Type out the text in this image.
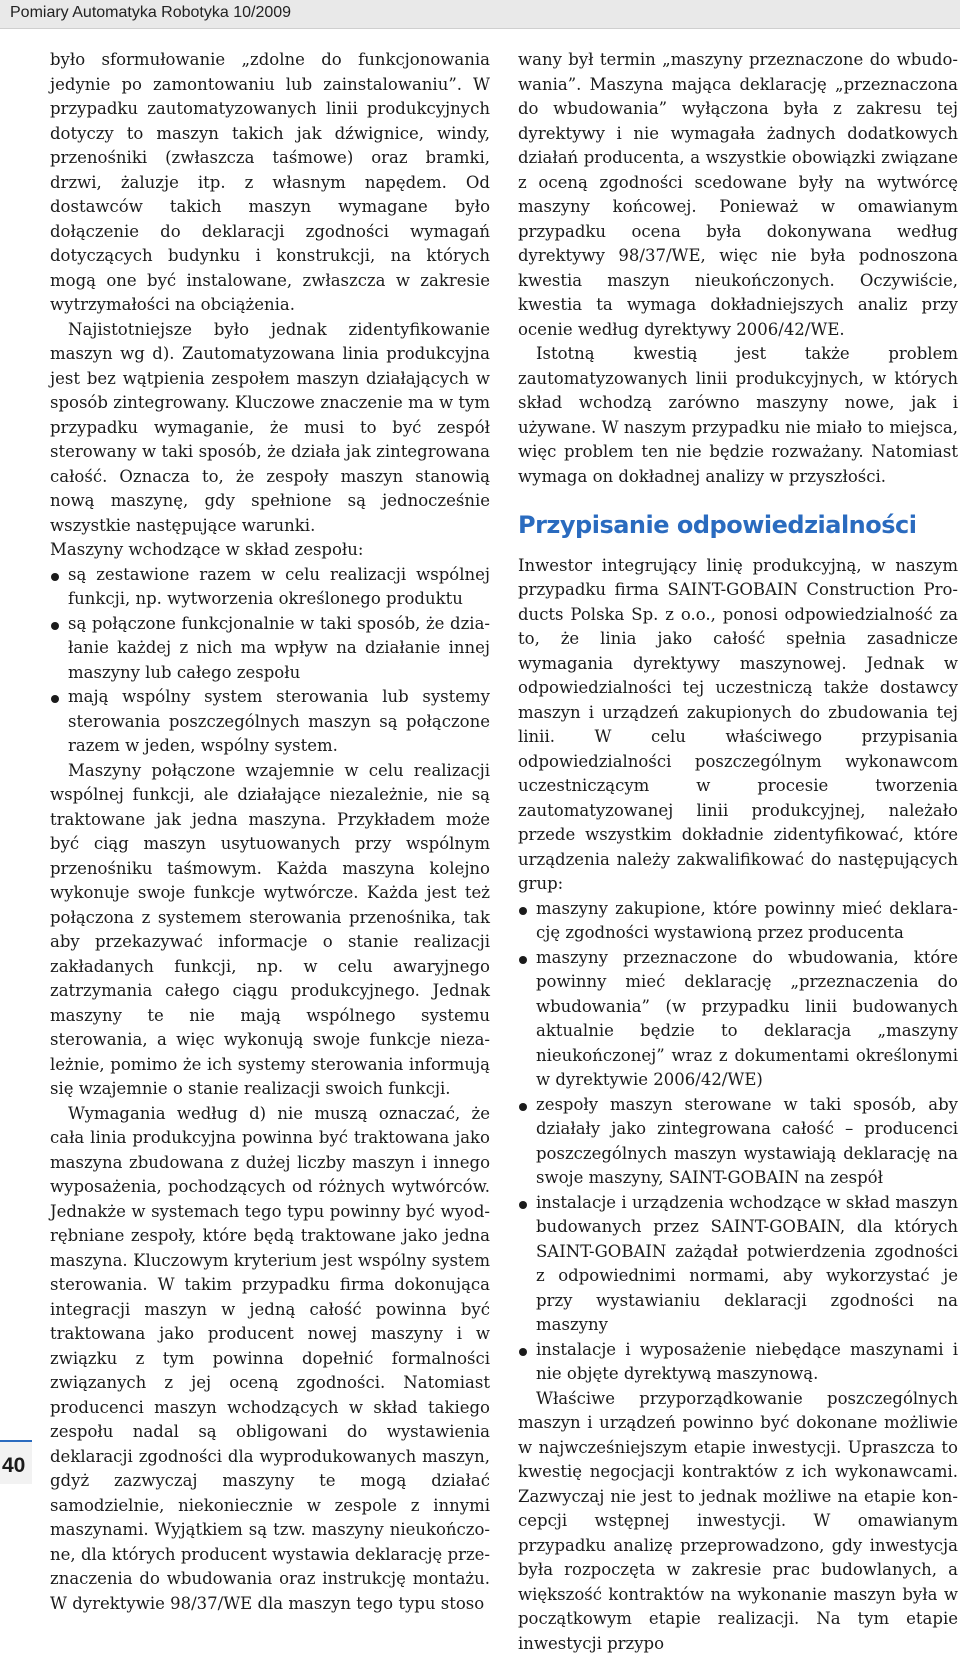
Pomiary Automatyka Robotyka 10/2009

było sformułowanie „zdolne do funkcjonowania jedynie po zamontowaniu lub zainstalowaniu”. W przypadku zautomatyzowanych linii produkcyjnych dotyczy to maszyn takich jak dźwignice, windy, przenośniki (zwłaszcza taśmowe) oraz bramki, drzwi, żaluzje itp. z własnym napędem. Od dostawców takich maszyn wymagane było dołączenie do deklaracji zgodności wymagań dotyczących budynku i konstrukcji, na których mogą one być instalowane, zwłaszcza w zakresie wytrzymałości na obciążenia.

Najistotniejsze było jednak zidentyfikowanie maszyn wg d). Zautomatyzowana linia produkcyjna jest bez wątpienia zespołem maszyn działających w sposób zintegrowany. Kluczowe znaczenie ma w tym przypadku wymaganie, że musi to być zespół sterowany w taki sposób, że działa jak zintegrowana całość. Oznacza to, że zespoły maszyn stanowią nową maszynę, gdy spełnione są jednocześnie wszystkie następujące warunki.

Maszyny wchodzące w skład zespołu:

są zestawione razem w celu realizacji wspólnej funkcji, np. wytworzenia określonego produktu
są połączone funkcjonalnie w taki sposób, że działanie każdej z nich ma wpływ na działanie innej maszyny lub całego zespołu
mają wspólny system sterowania lub systemy sterowania poszczególnych maszyn są połączone razem w jeden, wspólny system.

Maszyny połączone wzajemnie w celu realizacji wspólnej funkcji, ale działające niezależnie, nie są traktowane jak jedna maszyna. Przykładem może być ciąg maszyn usytuowanych przy wspólnym przenośniku taśmowym. Każda maszyna kolejno wykonuje swoje funkcje wytwórcze. Każda jest też połączona z systemem sterowania przenośnika, tak aby przekazywać informacje o stanie realizacji zakładanych funkcji, np. w celu awaryjnego zatrzymania całego ciągu produkcyjnego. Jednak maszyny te nie mają wspólnego systemu sterowania, a więc wykonują swoje funkcje niezależnie, pomimo że ich systemy sterowania informują się wzajemnie o stanie realizacji swoich funkcji.

Wymagania według d) nie muszą oznaczać, że cała linia produkcyjna powinna być traktowana jako maszyna zbudowana z dużej liczby maszyn i innego wyposażenia, pochodzących od różnych wytwórców. Jednakże w systemach tego typu powinny być wyodrębniane zespoły, które będą traktowane jako jedna maszyna. Kluczowym kryterium jest wspólny system sterowania. W takim przypadku firma dokonująca integracji maszyn w jedną całość powinna być traktowana jako producent nowej maszyny i w związku z tym powinna dopełnić formalności związanych z jej oceną zgodności. Natomiast producenci maszyn wchodzących w skład takiego zespołu nadal są obligowani do wystawienia deklaracji zgodności dla wyprodukowanych maszyn, gdyż zazwyczaj maszyny te mogą działać samodzielnie, niekoniecznie w zespole z innymi maszynami. Wyjątkiem są tzw. maszyny nieukończone, dla których producent wystawia deklarację przeznaczenia do wbudowania oraz instrukcję montażu. W dyrektywie 98/37/WE dla maszyn tego typu stoso

wany był termin „maszyny przeznaczone do wbudowania”. Maszyna mająca deklarację „przeznaczona do wbudowania” wyłączona była z zakresu tej dyrektywy i nie wymagała żadnych dodatkowych działań producenta, a wszystkie obowiązki związane z oceną zgodności scedowane były na wytwórcę maszyny końcowej. Ponieważ w omawianym przypadku ocena była dokonywana według dyrektywy 98/37/WE, więc nie była podnoszona kwestia maszyn nieukończonych. Oczywiście, kwestia ta wymaga dokładniejszych analiz przy ocenie według dyrektywy 2006/42/WE.

Istotną kwestią jest także problem zautomatyzowanych linii produkcyjnych, w których skład wchodzą zarówno maszyny nowe, jak i używane. W naszym przypadku nie miało to miejsca, więc problem ten nie będzie rozważany. Natomiast wymaga on dokładnej analizy w przyszłości.

Przypisanie odpowiedzialności

Inwestor integrujący linię produkcyjną, w naszym przypadku firma SAINT-GOBAIN Construction Products Polska Sp. z o.o., ponosi odpowiedzialność za to, że linia jako całość spełnia zasadnicze wymagania dyrektywy maszynowej. Jednak w odpowiedzialności tej uczestniczą także dostawcy maszyn i urządzeń zakupionych do zbudowania tej linii. W celu właściwego przypisania odpowiedzialności poszczególnym wykonawcom uczestniczącym w procesie tworzenia zautomatyzowanej linii produkcyjnej, należało przede wszystkim dokładnie zidentyfikować, które urządzenia należy zakwalifikować do następujących grup:

maszyny zakupione, które powinny mieć deklarację zgodności wystawioną przez producenta
maszyny przeznaczone do wbudowania, które powinny mieć deklarację „przeznaczenia do wbudowania” (w przypadku linii budowanych aktualnie będzie to deklaracja „maszyny nieukończonej” wraz z dokumentami określonymi w dyrektywie 2006/42/WE)
zespoły maszyn sterowane w taki sposób, aby działały jako zintegrowana całość – producenci poszczególnych maszyn wystawiają deklarację na swoje maszyny, SAINT-GOBAIN na zespół
instalacje i urządzenia wchodzące w skład maszyn budowanych przez SAINT-GOBAIN, dla których SAINT-GOBAIN zażądał potwierdzenia zgodności z odpowiednimi normami, aby wykorzystać je przy wystawianiu deklaracji zgodności na maszyny
instalacje i wyposażenie niebędące maszynami i nie objęte dyrektywą maszynową.

Właściwe przyporządkowanie poszczególnych maszyn i urządzeń powinno być dokonane możliwie w najwcześniejszym etapie inwestycji. Upraszcza to kwestię negocjacji kontraktów z ich wykonawcami. Zazwyczaj nie jest to jednak możliwe na etapie koncepcji wstępnej inwestycji. W omawianym przypadku analizę przeprowadzono, gdy inwestycja była rozpoczęta w zakresie prac budowlanych, a większość kontraktów na wykonanie maszyn była w początkowym etapie realizacji. Na tym etapie inwestycji przypo

40
